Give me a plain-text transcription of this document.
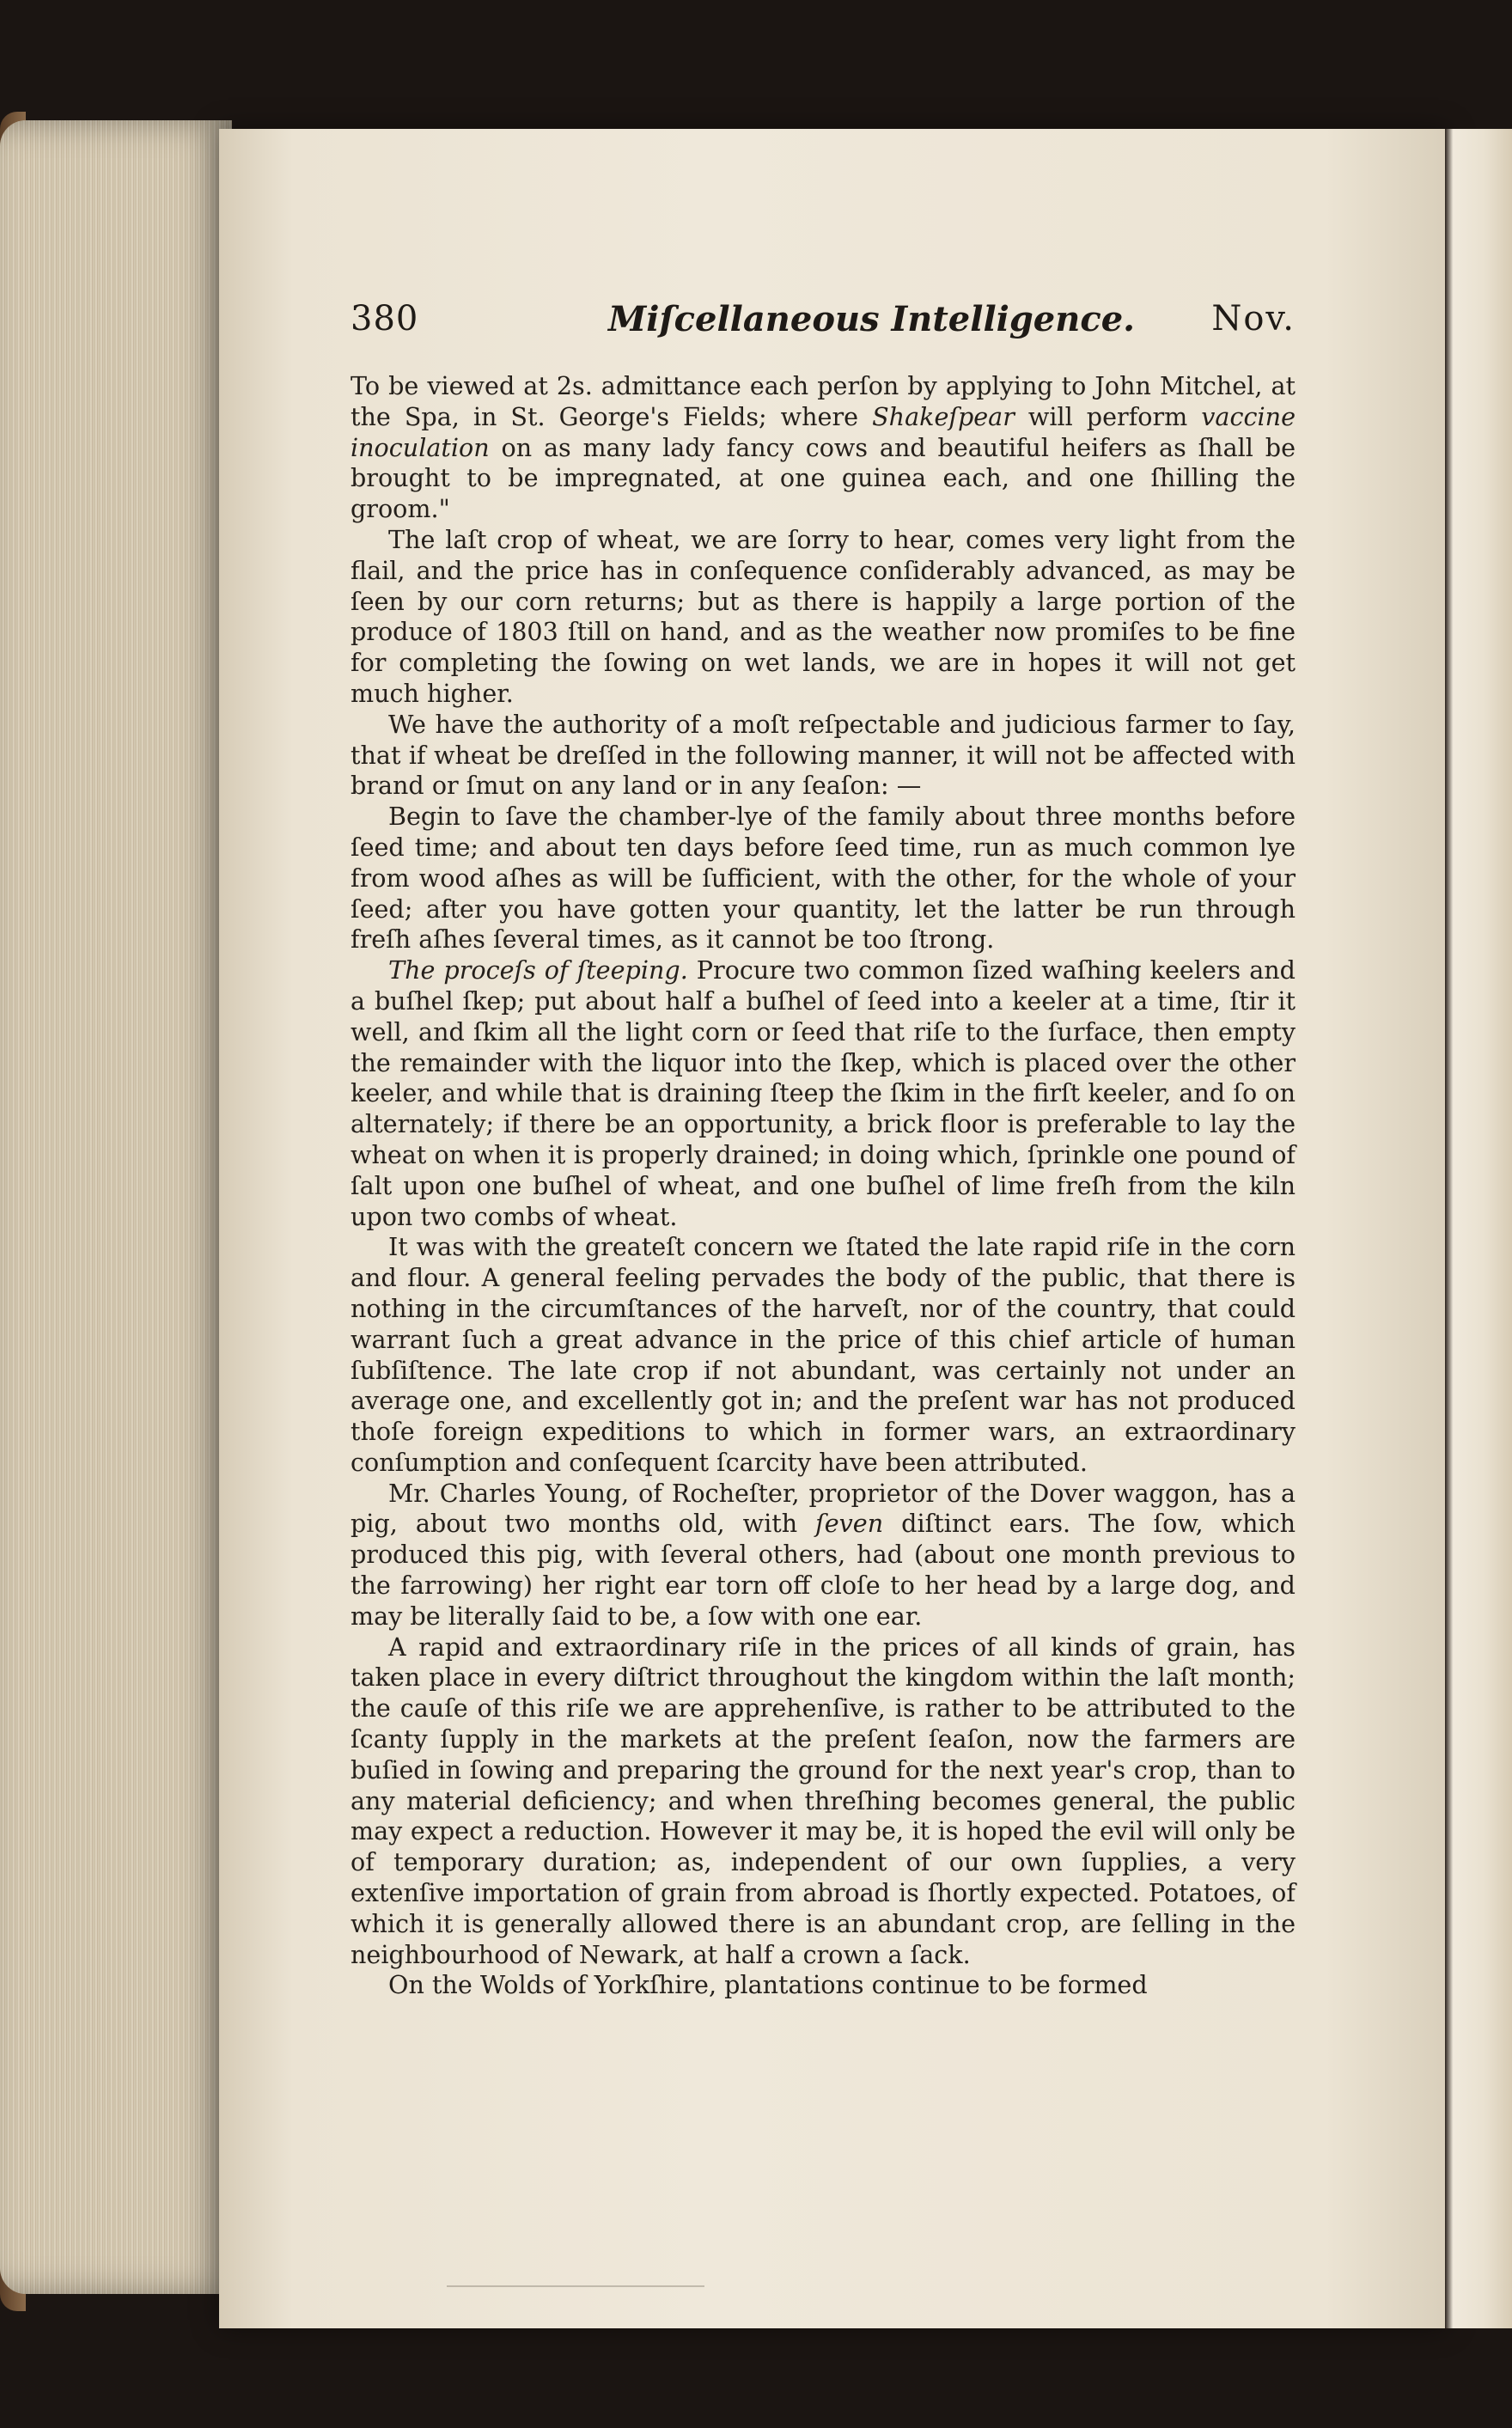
380	Miſcellaneous Intelligence. Nov.

To be viewed at 2s. admittance each perſon by applying to John Mitchel, at the Spa, in St. George's Fields; where Shakeſpear will perform vaccine inoculation on as many lady fancy cows and beautiful heifers as ſhall be brought to be impregnated, at one guinea each, and one ſhilling the groom."

The laſt crop of wheat, we are ſorry to hear, comes very light from the flail, and the price has in conſequence conſiderably advanced, as may be ſeen by our corn returns; but as there is happily a large portion of the produce of 1803 ſtill on hand, and as the weather now promiſes to be fine for completing the ſowing on wet lands, we are in hopes it will not get much higher.

We have the authority of a moſt reſpectable and judicious farmer to ſay, that if wheat be dreſſed in the following manner, it will not be affected with brand or ſmut on any land or in any ſeaſon: —

Begin to ſave the chamber-lye of the family about three months before ſeed time; and about ten days before ſeed time, run as much common lye from wood aſhes as will be ſufficient, with the other, for the whole of your ſeed; after you have gotten your quantity, let the latter be run through freſh aſhes ſeveral times, as it cannot be too ſtrong.

The proceſs of ſteeping. Procure two common ſized waſhing keelers and a buſhel ſkep; put about half a buſhel of ſeed into a keeler at a time, ſtir it well, and ſkim all the light corn or ſeed that riſe to the ſurface, then empty the remainder with the liquor into the ſkep, which is placed over the other keeler, and while that is draining ſteep the ſkim in the firſt keeler, and ſo on alternately; if there be an opportunity, a brick floor is preferable to lay the wheat on when it is properly drained; in doing which, ſprinkle one pound of ſalt upon one buſhel of wheat, and one buſhel of lime freſh from the kiln upon two combs of wheat.

It was with the greateſt concern we ſtated the late rapid riſe in the corn and flour. A general feeling pervades the body of the public, that there is nothing in the circumſtances of the harveſt, nor of the country, that could warrant ſuch a great advance in the price of this chief article of human ſubſiſtence. The late crop if not abundant, was certainly not under an average one, and excellently got in; and the preſent war has not produced thoſe foreign expeditions to which in former wars, an extraordinary conſumption and conſequent ſcarcity have been attributed.

Mr. Charles Young, of Rocheſter, proprietor of the Dover waggon, has a pig, about two months old, with ſeven diſtinct ears. The ſow, which produced this pig, with ſeveral others, had (about one month previous to the farrowing) her right ear torn off cloſe to her head by a large dog, and may be literally ſaid to be, a ſow with one ear.

A rapid and extraordinary riſe in the prices of all kinds of grain, has taken place in every diſtrict throughout the kingdom within the laſt month; the cauſe of this riſe we are apprehenſive, is rather to be attributed to the ſcanty ſupply in the markets at the preſent ſeaſon, now the farmers are buſied in ſowing and preparing the ground for the next year's crop, than to any material deficiency; and when threſhing becomes general, the public may expect a reduction. However it may be, it is hoped the evil will only be of temporary duration; as, independent of our own ſupplies, a very extenſive importation of grain from abroad is ſhortly expected. Potatoes, of which it is generally allowed there is an abundant crop, are ſelling in the neighbourhood of Newark, at half a crown a ſack.

On the Wolds of Yorkſhire, plantations continue to be formed
